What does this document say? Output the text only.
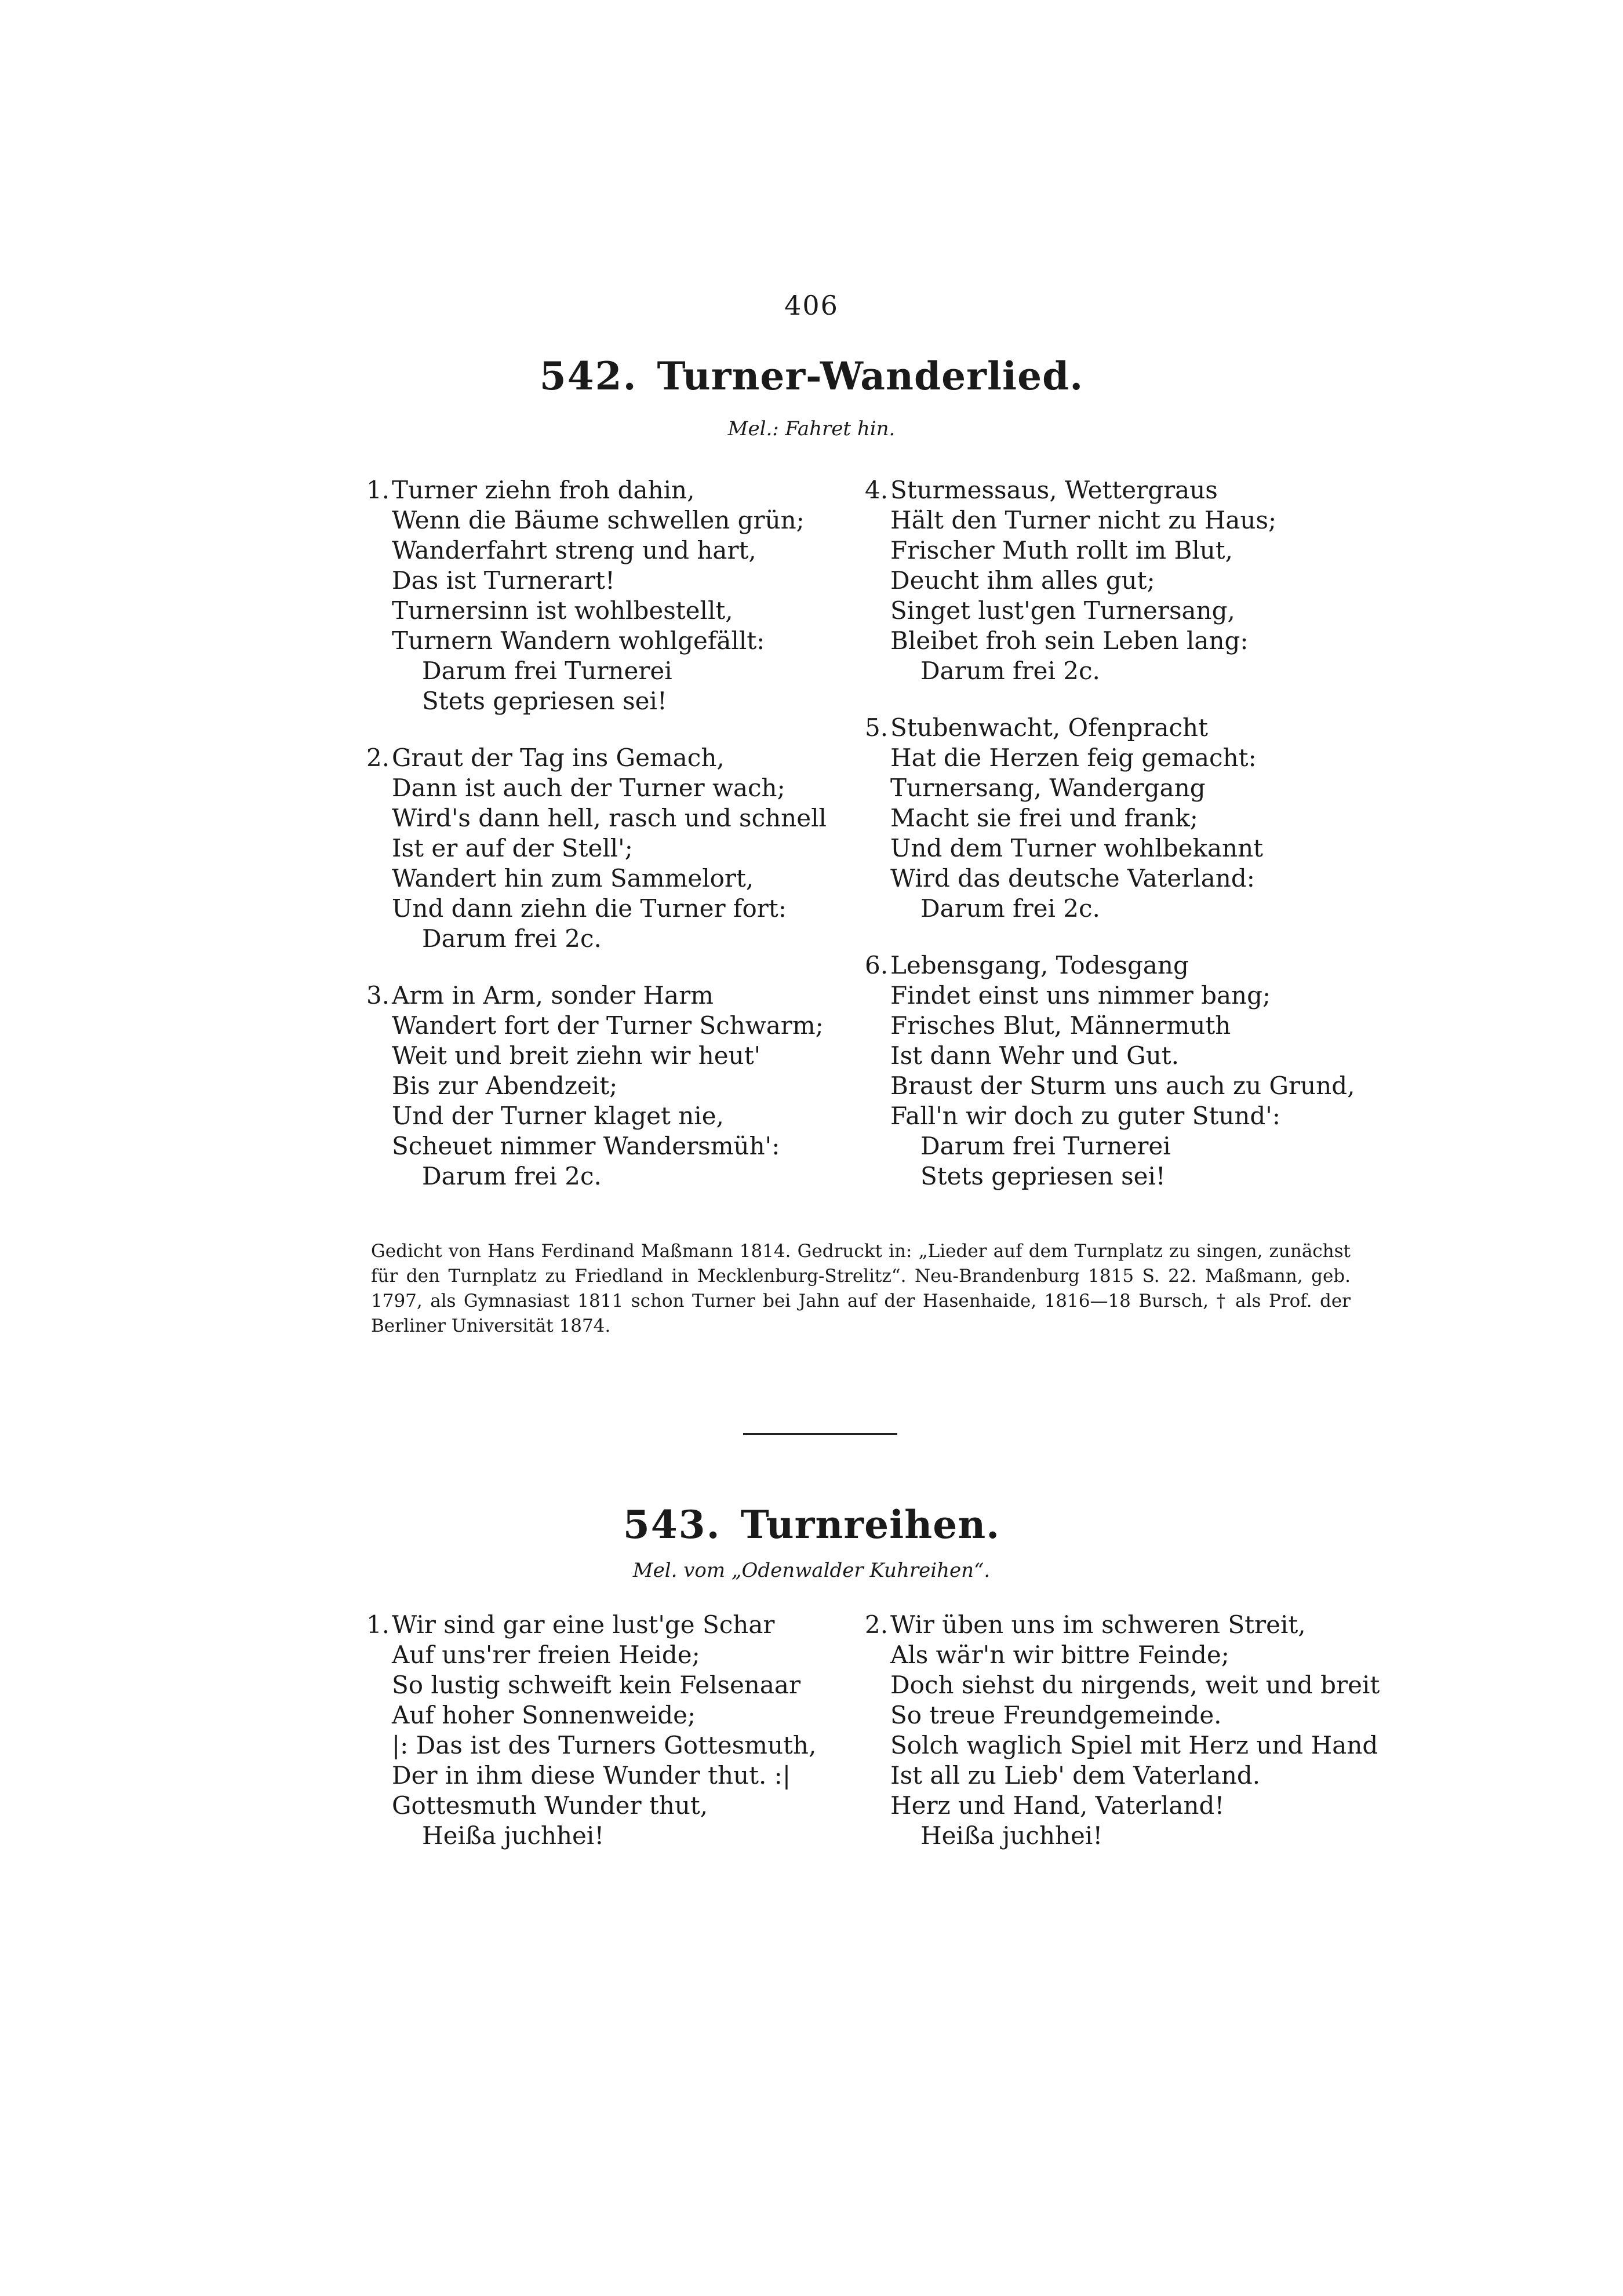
406
542. Turner-Wanderlied.
Mel.: Fahret hin.
1.Turner ziehn froh dahin,
Wenn die Bäume schwellen grün;
Wanderfahrt streng und hart,
Das ist Turnerart!
Turnersinn ist wohlbestellt,
Turnern Wandern wohlgefällt:
Darum frei Turnerei
Stets gepriesen sei!
2.Graut der Tag ins Gemach,
Dann ist auch der Turner wach;
Wird's dann hell, rasch und schnell
Ist er auf der Stell';
Wandert hin zum Sammelort,
Und dann ziehn die Turner fort:
Darum frei 2c.
3.Arm in Arm, sonder Harm
Wandert fort der Turner Schwarm;
Weit und breit ziehn wir heut'
Bis zur Abendzeit;
Und der Turner klaget nie,
Scheuet nimmer Wandersmüh':
Darum frei 2c.
4.Sturmessaus, Wettergraus
Hält den Turner nicht zu Haus;
Frischer Muth rollt im Blut,
Deucht ihm alles gut;
Singet lust'gen Turnersang,
Bleibet froh sein Leben lang:
Darum frei 2c.
5.Stubenwacht, Ofenpracht
Hat die Herzen feig gemacht:
Turnersang, Wandergang
Macht sie frei und frank;
Und dem Turner wohlbekannt
Wird das deutsche Vaterland:
Darum frei 2c.
6.Lebensgang, Todesgang
Findet einst uns nimmer bang;
Frisches Blut, Männermuth
Ist dann Wehr und Gut.
Braust der Sturm uns auch zu Grund,
Fall'n wir doch zu guter Stund':
Darum frei Turnerei
Stets gepriesen sei!
Gedicht von Hans Ferdinand Maßmann 1814. Gedruckt in: „Lieder auf dem Turnplatz zu singen, zunächst für den Turnplatz zu Friedland in Mecklenburg-Strelitz“. Neu-Brandenburg 1815 S. 22. Maßmann, geb. 1797, als Gymnasiast 1811 schon Turner bei Jahn auf der Hasenhaide, 1816—18 Bursch, † als Prof. der Berliner Universität 1874.
543. Turnreihen.
Mel. vom „Odenwalder Kuhreihen“.
1.Wir sind gar eine lust'ge Schar
Auf uns'rer freien Heide;
So lustig schweift kein Felsenaar
Auf hoher Sonnenweide;
|: Das ist des Turners Gottesmuth,
Der in ihm diese Wunder thut. :|
Gottesmuth Wunder thut,
Heißa juchhei!
2.Wir üben uns im schweren Streit,
Als wär'n wir bittre Feinde;
Doch siehst du nirgends, weit und breit
So treue Freundgemeinde.
Solch waglich Spiel mit Herz und Hand
Ist all zu Lieb' dem Vaterland.
Herz und Hand, Vaterland!
Heißa juchhei!
